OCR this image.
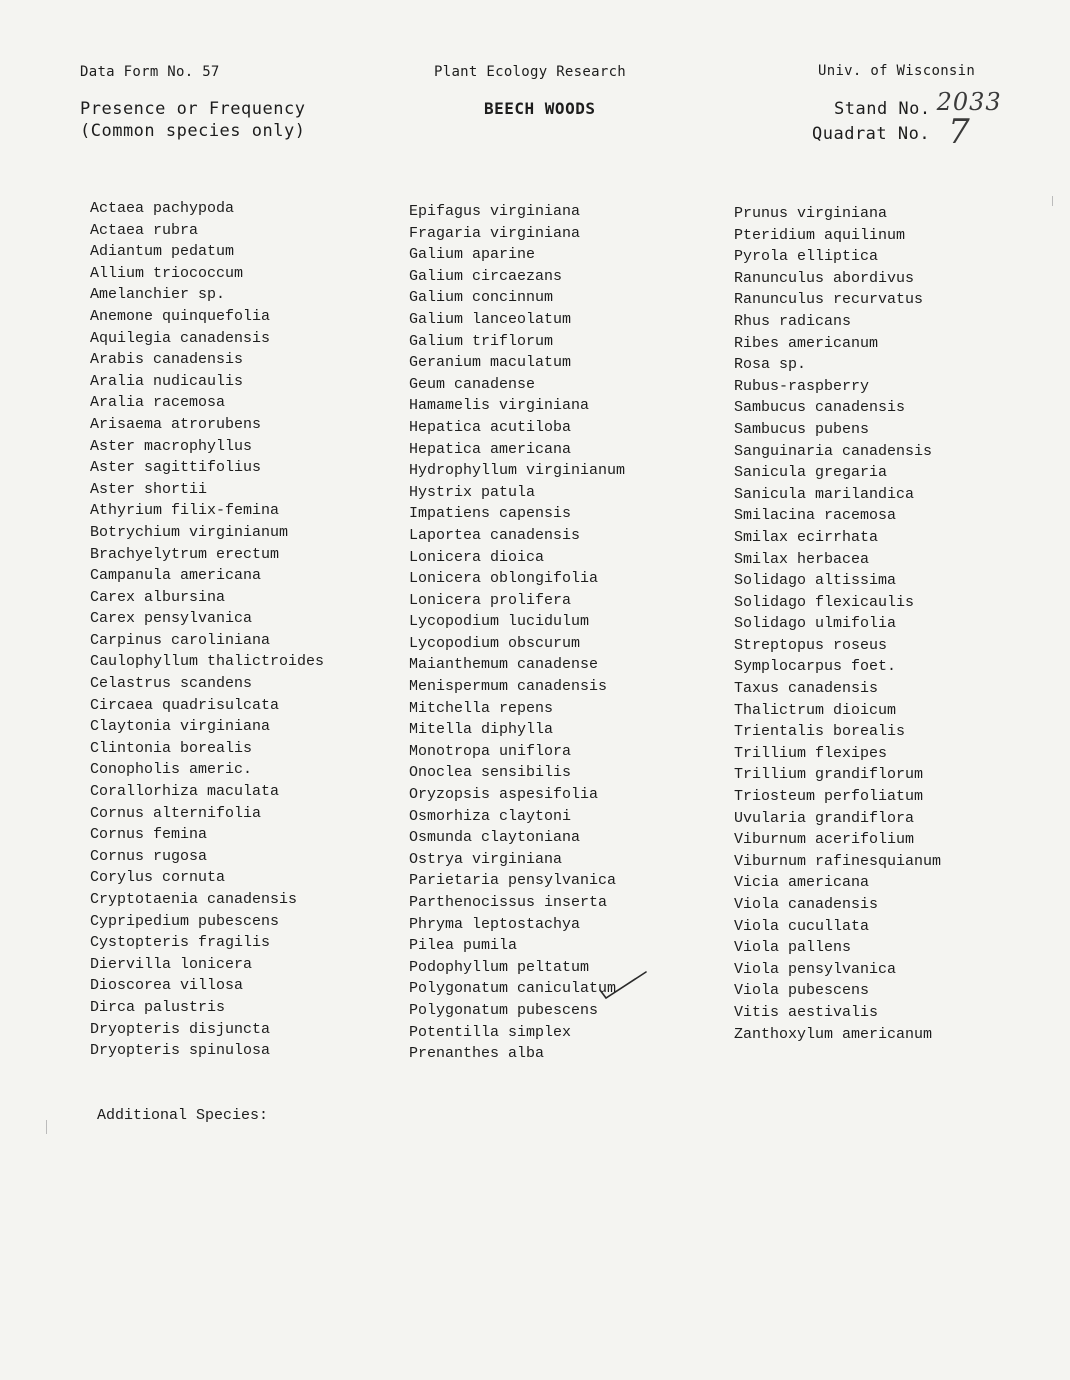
Data Form No. 57	Plant Ecology Research	Univ. of Wisconsin
Presence or Frequency
(Common species only)
BEECH WOODS	Stand No. 2033
Quadrat No. 7
Actaea pachypoda
Actaea rubra
Adiantum pedatum
Allium triococcum
Amelanchier sp.
Anemone quinquefolia
Aquilegia canadensis
Arabis canadensis
Aralia nudicaulis
Aralia racemosa
Arisaema atrorubens
Aster macrophyllus
Aster sagittifolius
Aster shortii
Athyrium filix-femina
Botrychium virginianum
Brachyelytrum erectum
Campanula americana
Carex albursina
Carex pensylvanica
Carpinus caroliniana
Caulophyllum thalictroides
Celastrus scandens
Circaea quadrisulcata
Claytonia virginiana
Clintonia borealis
Conopholis americ.
Corallorhiza maculata
Cornus alternifolia
Cornus femina
Cornus rugosa
Corylus cornuta
Cryptotaenia canadensis
Cypripedium pubescens
Cystopteris fragilis
Diervilla lonicera
Dioscorea villosa
Dirca palustris
Dryopteris disjuncta
Dryopteris spinulosa
Epifagus virginiana
Fragaria virginiana
Galium aparine
Galium circaezans
Galium concinnum
Galium lanceolatum
Galium triflorum
Geranium maculatum
Geum canadense
Hamamelis virginiana
Hepatica acutiloba
Hepatica americana
Hydrophyllum virginianum
Hystrix patula
Impatiens capensis
Laportea canadensis
Lonicera dioica
Lonicera oblongifolia
Lonicera prolifera
Lycopodium lucidulum
Lycopodium obscurum
Maianthemum canadense
Menispermum canadensis
Mitchella repens
Mitella diphylla
Monotropa uniflora
Onoclea sensibilis
Oryzopsis aspesifolia
Osmorhiza claytoni
Osmunda claytoniana
Ostrya virginiana
Parietaria pensylvanica
Parthenocissus inserta
Phryma leptostachya
Pilea pumila
Podophyllum peltatum
Polygonatum caniculatum
Polygonatum pubescens
Potentilla simplex
Prenanthes alba
Prunus virginiana
Pteridium aquilinum
Pyrola elliptica
Ranunculus abordivus
Ranunculus recurvatus
Rhus radicans
Ribes americanum
Rosa sp.
Rubus-raspberry
Sambucus canadensis
Sambucus pubens
Sanguinaria canadensis
Sanicula gregaria
Sanicula marilandica
Smilacina racemosa
Smilax ecirrhata
Smilax herbacea
Solidago altissima
Solidago flexicaulis
Solidago ulmifolia
Streptopus roseus
Symplocarpus foet.
Taxus canadensis
Thalictrum dioicum
Trientalis borealis
Trillium flexipes
Trillium grandiflorum
Triosteum perfoliatum
Uvularia grandiflora
Viburnum acerifolium
Viburnum rafinesquianum
Vicia americana
Viola canadensis
Viola cucullata
Viola pallens
Viola pensylvanica
Viola pubescens
Vitis aestivalis
Zanthoxylum americanum
Additional Species:
